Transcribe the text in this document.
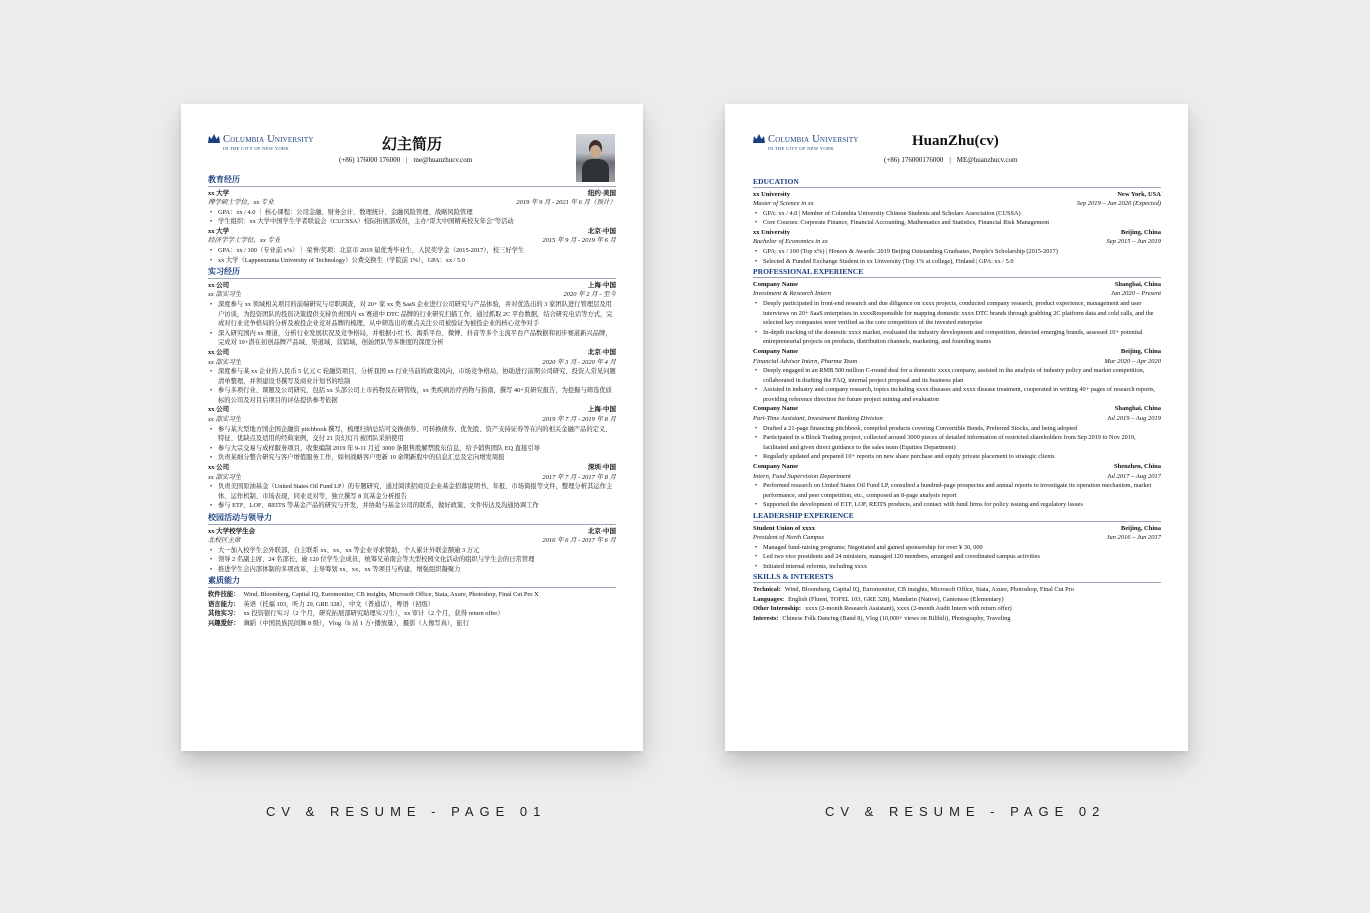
Columbia University
IN THE CITY OF NEW YORK	幻主简历
(+86) 176000 176000 | me@huanzhucv.com
教育经历
xx 大学	纽约·美国
理学硕士学位，xx 专业	2019 年 9 月 - 2021 年 6 月（预计）
• GPA：xx / 4.0 ｜ 核心课程：公司金融、财务会计、数理统计、金融风险管理、战略风险管理
• 学生组织：xx 大学中国学生学者联谊会（CUCSSA）校际拓展部成员，主办"哥大中国精英校友年会"等活动
xx 大学	北京·中国
经济学学士学位，xx 专业	2015 年 9 月 - 2019 年 6 月
• GPA：xx / 100（专业前 x%）｜ 荣誉/奖项：北京市 2019 届优秀毕业生，人民奖学金（2015-2017），校三好学生
• xx 大学（Lappeenranta University of Technology）公费交换生（学院前 1%），GPA：xx / 5.0
实习经历
xx 公司	上海·中国
xx 部实习生	2020 年 2 月 - 至今
• 深度参与 xx 领域相关项目的前端研究与尽职调查，对 20+ 家 xx 类 SaaS 企业进行公司研究与产品体验，并对优选出的 3 家团队进行管理层及用户访谈，为投资团队的投资决策提供支持负责国内 xx 赛道中 DTC 品牌的行业研究扫描工作，通过抓取 2C 平台数据，结合研究电话等方式，完成对行业竞争格局的分析及被投企业竞对品牌的梳理，从中筛选出的重点关注公司被验证为被投企业的核心竞争对手
• 深入研究国内 xx 赛道，分析行业发展状况及竞争格局，并根据小红书、淘系平台、微博、抖音等多个主流平台产品数据和初步赛道新兴品牌，完成对 10+潜在初创品牌产品域、渠道域、营销域，创始团队等多维度的深度分析
xx 公司	北京·中国
xx 部实习生	2020 年 3 月 - 2020 年 4 月
• 深度参与某 xx 企业的人民币 5 亿元 C 轮融资项目，分析我国 xx 行业当前的政策风向、市场竞争格局，协助进行前期公司研究、投资人常见问题清单整理，并领建设书撰写及商业计划书的绘制
• 参与多项行业、课题及公司研究，包括 xx 头部公司上市药物及在研管线，xx 类疾病治疗药物与指南，撰写 40+页研究报告，为挖掘与筛选优质标的公司及对目后项目的评估提供参考依据
xx 公司	上海·中国
xx 部实习生	2019 年 7 月 - 2019 年 8 月
• 参与某大型地方国企国企融资 pitchbook 撰写，梳理归纳总结可交换债券、可转换债券、优先股、资产支持证券等在内的相关金融产品的定义、特征、优缺点及适用的经典案例，交付 21 页幻灯片被团队采纳使用
• 参与大宗交易与成样服务项目，收集编制 2019 年 9-11 月近 3000 条限售股解禁股东信息，给予销售团队 EQ 直接引导
• 负责某细分整合研究与客户增值服务工作，如何战略客户更新 10 余期新股中的信息汇总及定向增发周报
xx 公司	深圳·中国
xx 部实习生	2017 年 7 月 - 2017 年 8 月
• 负责美国原油基金（United States Oil Fund LP）的专题研究，通过阅读招商页企业基金招募说明书、年报、市场简报等文件，整理分析其运作主体、运作机制、市场表现，同业竞对等，独立撰写 8 页基金分析报告
• 参与 ETF、LOF、REITS 等基金产品的研究与开发，并协助与基金公司的联系，做好政策、文件传达及沟通协调工作
校园活动与领导力
xx 大学校学生会	北京·中国
北校区主席	2016 年 6 月 - 2017 年 6 月
• 大一加入校学生会外联部，自主联系 xx、xx、xx 等企业寻求赞助，个人累计外联金额逾 3 万元
• 领导 2 名副主席、24 名部长，逾 120 位学生会成员，统筹兄弟南会等大型校园文化活动的组织与学生会的日常管理
• 推进学生会内部体制的多项改革，主导筹划 xx、xx、xx 等项目与构建，增强组织凝聚力
素质能力
软件技能： Wind, Bloomberg, Capital IQ, Euromonitor, CB insights, Microsoft Office, Stata, Axure, Photoshop, Final Cut Pro X
语言能力： 英语（托福 103，听力 29, GRE 328），中文（普通话），粤语（初级）
其他实习： xx 投资银行实习（2 个月，研究拓展部研究助理实习生），xx 审计（2 个月，获得 return offer）
兴趣爱好： 舞蹈（中国民族民间舞 8 级），Vlog（b 站 1 万+播放量），摄影（人像写真），旅行
Columbia University
IN THE CITY OF NEW YORK	HuanZhu(cv)
(+86) 176000176000 | ME@huanzhucv.com
EDUCATION
xx University	New York, USA
Master of Science in xx	Sep 2019 – Jun 2020 (Expected)
• GPA: xx / 4.0 | Member of Columbia University Chinese Students and Scholars Association (CUSSA)
• Core Courses: Corporate Finance, Financial Accounting, Mathematics and Statistics, Financial Risk Management
xx University	Beijing, China
Bachelor of Economics in xx	Sep 2015 – Jun 2019
• GPA: xx / 100 (Top x%) | Honors & Awards: 2019 Beijing Outstanding Graduates, People's Scholarship (2015-2017)
• Selected & Funded Exchange Student in xx University (Top 1% at college), Finland | GPA: xx / 5.0
PROFESSIONAL EXPERIENCE
Company Name	Shanghai, China
Investment & Research Intern	Jan 2020 – Present
• Deeply participated in front-end research and due diligence on xxxx projects, conducted company research, product experience, management and user interviews on 20+ SaaS enterprises in xxxxResponsible for mapping domestic xxxx DTC brands through grabbing 2C platform data and cold calls, and the selected key companies were verified as the core competitors of the invested enterprise
• In-depth tracking of the domestic xxxx market, evaluated the industry development and competition, detected emerging brands, assessed 10+ potential entrepreneurial projects on products, distribution channels, marketing, and founding teams
Company Name	Beijing, China
Financial Advisor Intern, Pharma Team	Mar 2020 – Apr 2020
• Deeply engaged in an RMB 500 million C-round deal for a domestic xxxx company, assisted in the analysis of industry policy and market competition, collaborated in drafting the FAQ, internal project proposal and its business plan
• Assisted in industry and company research, topics including xxxx diseases and xxxx disease treatment, cooperated in writing 40+ pages of research reports, providing reference direction for future project mining and evaluation
Company Name	Shanghai, China
Part-Time Assistant, Investment Banking Division	Jul 2019 – Aug 2019
• Drafted a 21-page financing pitchbook, compiled products covering Convertible Bonds, Preferred Stocks, and being adopted
• Participated in a Block Trading project, collected around 3000 pieces of detailed information of restricted shareholders from Sep 2019 to Nov 2019, facilitated and given direct guidance to the sales team (Equities Department)
• Regularly updated and prepared 10+ reports on new share purchase and equity private placement to strategic clients
Company Name	Shenzhen, China
Intern, Fund Supervision Department	Jul 2017 – Aug 2017
• Performed research on United States Oil Fund LP, consulted a hundred-page prospectus and annual reports to investigate its operation mechanism, market performance, and peer competition, etc., composed an 8-page analysis report
• Supported the development of ETF, LOF, REITS products, and contact with fund firms for policy issuing and regulatory issues
LEADERSHIP EXPERIENCE
Student Union of xxxx	Beijing, China
President of North Campus	Jun 2016 – Jun 2017
• Managed fund-raising programs; Negotiated and gained sponsorship for over ¥ 30, 000
• Led two vice presidents and 24 ministers, managed 120 members, arranged and coordinated campus activities
• Initiated internal reforms, including xxxx
SKILLS & INTERESTS
Technical: Wind, Bloomberg, Capital IQ, Euromonitor, CB insights, Microsoft Office, Stata, Axure, Photoshop, Final Cut Pro
Languages: English (Fluent, TOFEL 103, GRE 328), Mandarin (Native), Cantonese (Elementary)
Other Internship: xxxx (2-month Research Assistant), xxxx (2-month Audit Intern with return offer)
Interests: Chinese Folk Dancing (Band 8), Vlog (10,000+ views on Bilibili), Photography, Traveling
CV & RESUME - PAGE 01	CV & RESUME - PAGE 02
